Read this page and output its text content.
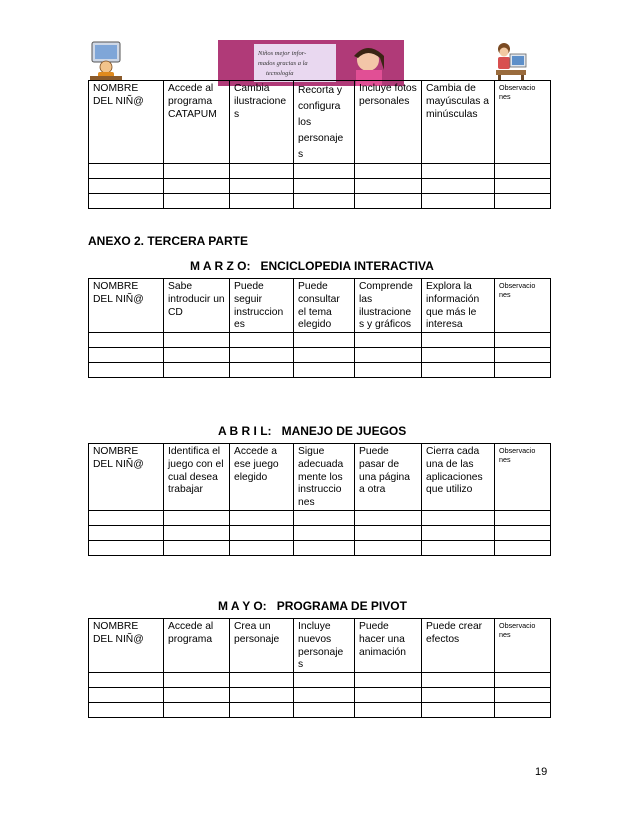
Niños mejor infor-
mados gracias a la
tecnología
NOMBRE DEL NIÑ@	Accede al programa CATAPUM	Cambia ilustracione s	Recorta y configura los personaje s	Incluye fotos personales	Cambia de mayúsculas a minúsculas	Observacio nes

ANEXO 2. TERCERA PARTE
M A R Z O: ENCICLOPEDIA INTERACTIVA
NOMBRE DEL NIÑ@	Sabe introducir un CD	Puede seguir instruccion es	Puede consultar el tema elegido	Comprende las ilustracione s y gráficos	Explora la información que más le interesa	Observacio nes

A B R I L: MANEJO DE JUEGOS
NOMBRE DEL NIÑ@	Identifica el juego con el cual desea trabajar	Accede a ese juego elegido	Sigue adecuada mente los instruccio nes	Puede pasar de una página a otra	Cierra cada una de las aplicaciones que utilizo	Observacio nes

M A Y O: PROGRAMA DE PIVOT
NOMBRE DEL NIÑ@	Accede al programa	Crea un personaje	Incluye nuevos personaje s	Puede hacer una animación	Puede crear efectos	Observacio nes

19
